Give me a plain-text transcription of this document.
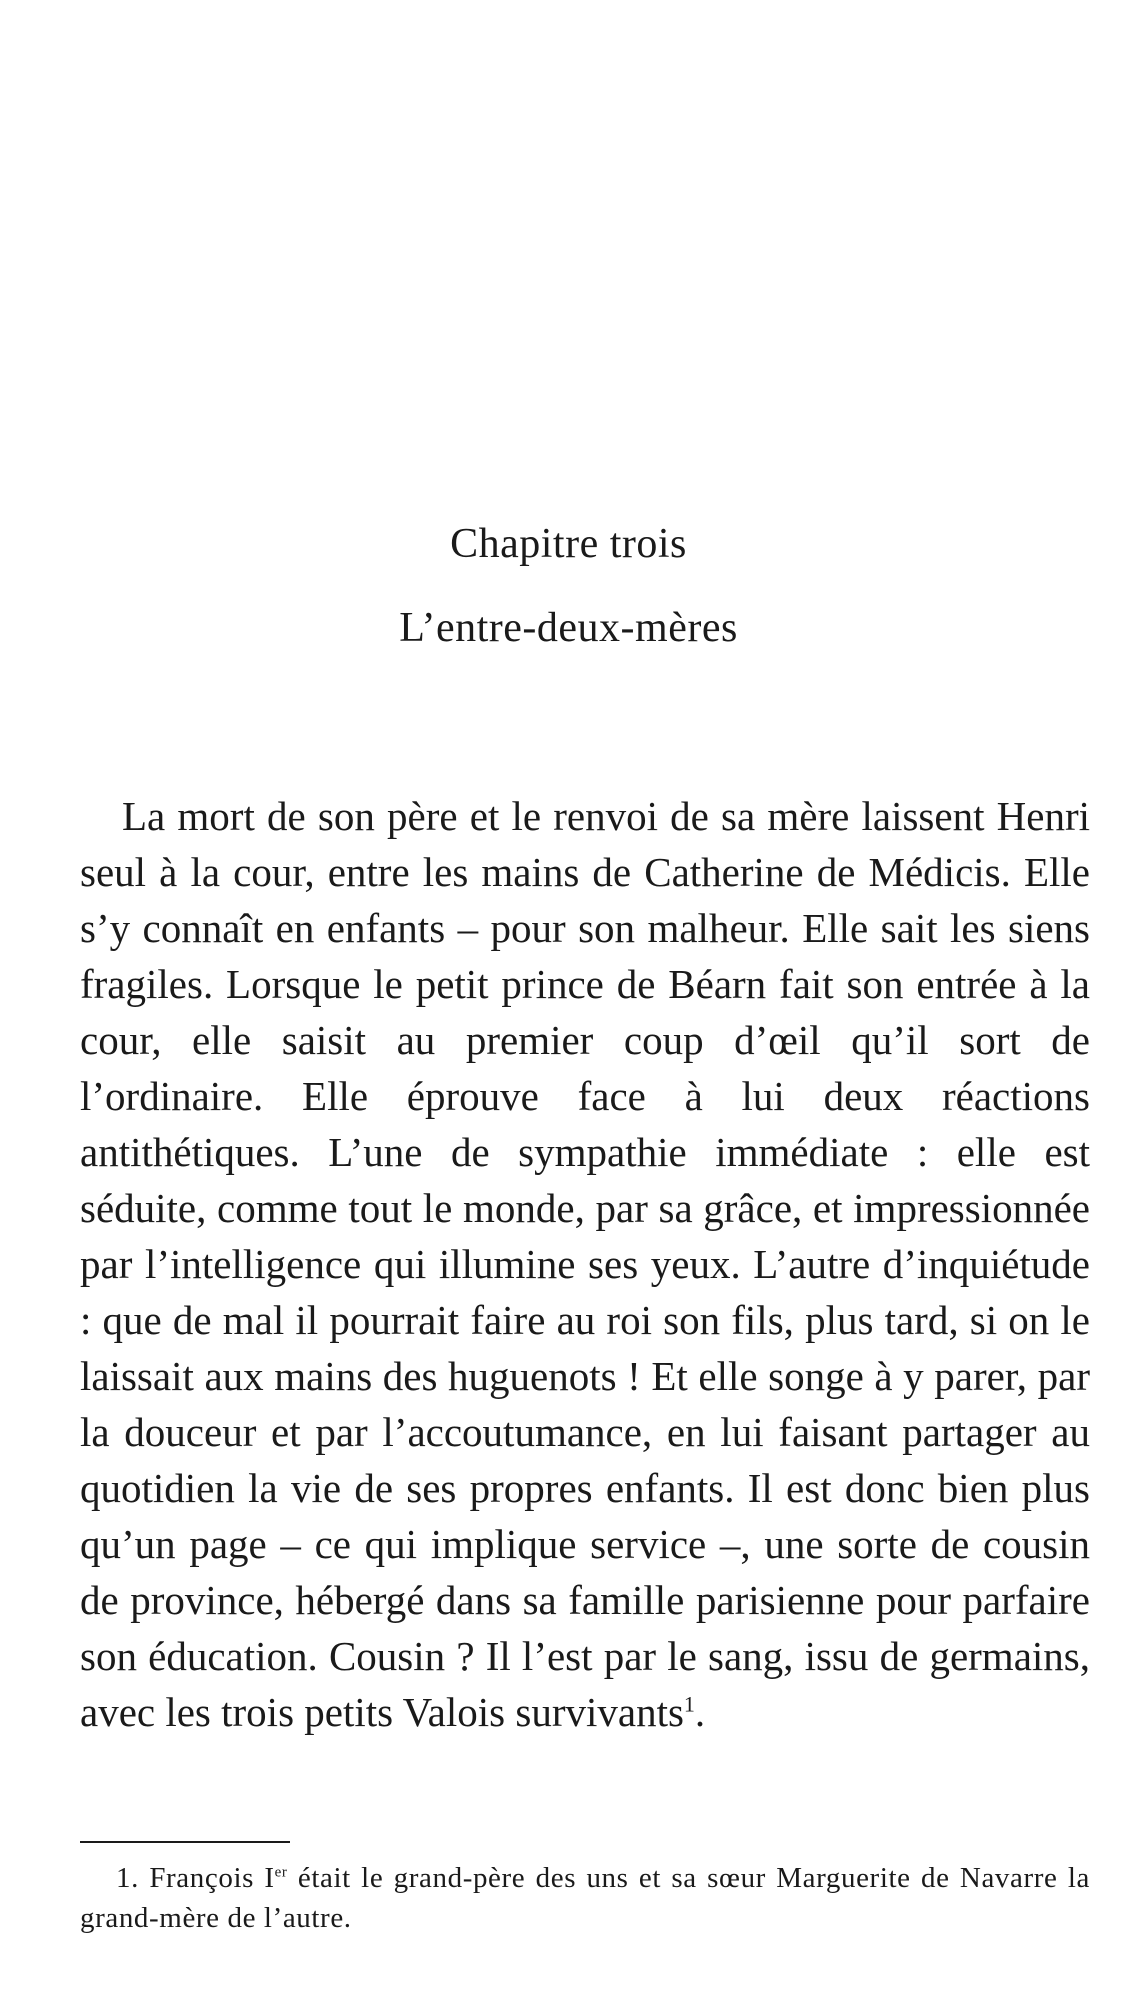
Chapitre trois
L’entre-deux-mères

La mort de son père et le renvoi de sa mère laissent Henri seul à la cour, entre les mains de Catherine de Médicis. Elle s’y connaît en enfants – pour son malheur. Elle sait les siens fragiles. Lorsque le petit prince de Béarn fait son entrée à la cour, elle saisit au premier coup d’œil qu’il sort de l’ordinaire. Elle éprouve face à lui deux réactions antithétiques. L’une de sympathie immédiate : elle est séduite, comme tout le monde, par sa grâce, et impressionnée par l’intelligence qui illumine ses yeux. L’autre d’inquiétude : que de mal il pourrait faire au roi son fils, plus tard, si on le laissait aux mains des huguenots ! Et elle songe à y parer, par la douceur et par l’accoutumance, en lui faisant partager au quotidien la vie de ses propres enfants. Il est donc bien plus qu’un page – ce qui implique service –, une sorte de cousin de province, hébergé dans sa famille parisienne pour parfaire son éducation. Cousin ? Il l’est par le sang, issu de germains, avec les trois petits Valois survivants$^1$.

1. François Ier était le grand-père des uns et sa sœur Marguerite de Navarre la grand-mère de l’autre.
